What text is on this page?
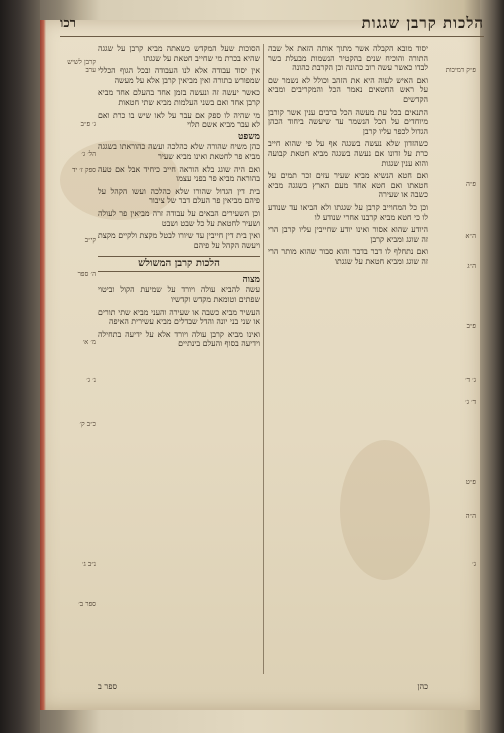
הלכות קרבן שגגות
רכו

יסוד מובא הקבלה אשר מתוך אותה הזאת אל שבה התורה והוכיח שנים בהקטיר הנשמות מבעלת בשר לבדו כאשר עשה רוב כהונה וכן הקרבת כהונה

ואם האיש לעוה היא את הזהב וכולל לא נשמר שם על ראש החטאים נאמר הכל והמקריבים ומביא הקדשים

התנאים בכל עת מעשה הכל ברבים ענין אשר קורבן מיוחדים על הכל הנשמר עד שיעשה ביחוד הכהן הגדול לכפר עליו קרבן

כשהזדון שלא נעשה בשגגה אף על פי שהוא חייב כרת על זדונו אם נעשה בשגגה מביא חטאת קבועה והוא ענין שגגות

ואם חטא הנשיא מביא שעיר עזים זכר תמים על חטאתו ואם חטא אחד מעם הארץ בשגגה מביא כשבה או שעירה

וכן כל המחוייב קרבן על שגגתו ולא הביאו עד שנודע לו כי חטא מביא קרבנו אחרי שנודע לו

היודע שהוא אסור ואינו יודע שחייבין עליו קרבן הרי זה שוגג ומביא קרבן

ואם נתחלף לו דבר בדבר והוא סבור שהוא מותר הרי זה שוגג ומביא חטאת על שגגתו

הסוכות שעל המקדש כשאתה מביא קרבן על שגגה שהיא בכרת מי שחייב חטאת על שגגתו

אין יסוד עבודה אלא לנו העבודה ובכל הגוף הכללי שמפורש בתורה ואין מביאין קרבן אלא על מעשה

כאשר יעשה זה ונעשה בזמן אחד בהעלם אחד מביא קרבן אחד ואם בשני העלמות מביא שתי חטאות

מי שהיה לו ספק אם עבר על לאו שיש בו כרת ואם לא עבר מביא אשם תלוי

משפט

כהן משיח שהורה שלא כהלכה ועשה כהוראתו בשגגה מביא פר לחטאת ואינו מביא שעיר

ואם היה שוגג בלא הוראה חייב כיחיד אבל אם טעה בהוראה מביא פר בפני עצמו

בית דין הגדול שהורו שלא כהלכה ועשו הקהל על פיהם מביאין פר העלם דבר של ציבור

וכן השעירים הבאים על עבודה זרה מביאין פר לעולה ושעיר לחטאת על כל שבט ושבט

ואין בית דין חייבין עד שיורו לבטל מקצת ולקיים מקצת ויעשה הקהל על פיהם

הלכות קרבן המשולש
מצוה

עשה להביא עולה ויורד על שמיעת הקול וביטוי שפתים וטומאת מקדש וקדשיו

העשיר מביא כשבה או שעירה והעני מביא שתי תורים או שני בני יונה והדל שבדלים מביא עשירית האיפה

ואינו מביא קרבן עולה ויורד אלא על ידיעה בתחילה וידיעה בסוף והעלם בינתיים

קרבן לשיש ערב
ג׳ פ״ב
הל׳ ג׳
ספק ז׳ יד
קי״ב
ה׳ ספר
מ׳ א׳
נ׳ ג׳
כ״ב ק׳
נ״ב ג׳
ספר ב׳
פ״ק דמיכות
פ״ה
ה״א
ה״ג
פ״ב
ג׳ ד׳
ד׳ ג׳
פ״ט
ה״ה
ג׳
כהן
ספר ב
